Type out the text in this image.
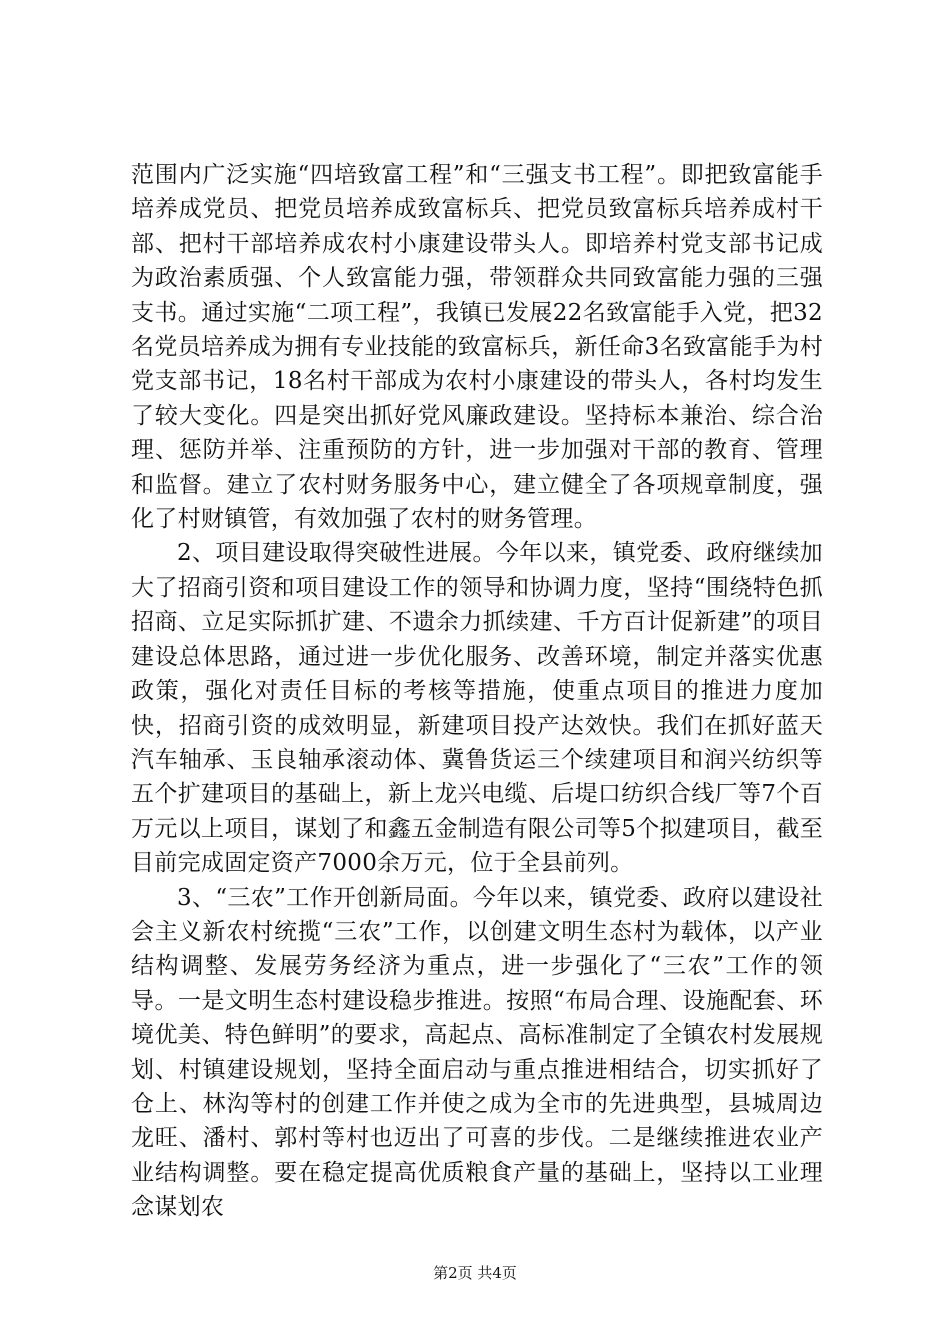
范围内广泛实施“四培致富工程”和“三强支书工程”。即把致富能手培养成党员、把党员培养成致富标兵、把党员致富标兵培养成村干部、把村干部培养成农村小康建设带头人。即培养村党支部书记成为政治素质强、个人致富能力强，带领群众共同致富能力强的三强支书。通过实施“二项工程”，我镇已发展22名致富能手入党，把32名党员培养成为拥有专业技能的致富标兵，新任命3名致富能手为村党支部书记，18名村干部成为农村小康建设的带头人，各村均发生了较大变化。四是突出抓好党风廉政建设。坚持标本兼治、综合治理、惩防并举、注重预防的方针，进一步加强对干部的教育、管理和监督。建立了农村财务服务中心，建立健全了各项规章制度，强化了村财镇管，有效加强了农村的财务管理。

2、项目建设取得突破性进展。今年以来，镇党委、政府继续加大了招商引资和项目建设工作的领导和协调力度，坚持“围绕特色抓招商、立足实际抓扩建、不遗余力抓续建、千方百计促新建”的项目建设总体思路，通过进一步优化服务、改善环境，制定并落实优惠政策，强化对责任目标的考核等措施，使重点项目的推进力度加快，招商引资的成效明显，新建项目投产达效快。我们在抓好蓝天汽车轴承、玉良轴承滚动体、冀鲁货运三个续建项目和润兴纺织等五个扩建项目的基础上，新上龙兴电缆、后堤口纺织合线厂等7个百万元以上项目，谋划了和鑫五金制造有限公司等5个拟建项目，截至目前完成固定资产7000余万元，位于全县前列。

3、“三农”工作开创新局面。今年以来，镇党委、政府以建设社会主义新农村统揽“三农”工作，以创建文明生态村为载体，以产业结构调整、发展劳务经济为重点，进一步强化了“三农”工作的领导。一是文明生态村建设稳步推进。按照“布局合理、设施配套、环境优美、特色鲜明”的要求，高起点、高标准制定了全镇农村发展规划、村镇建设规划，坚持全面启动与重点推进相结合，切实抓好了仓上、林沟等村的创建工作并使之成为全市的先进典型，县城周边龙旺、潘村、郭村等村也迈出了可喜的步伐。二是继续推进农业产业结构调整。要在稳定提高优质粮食产量的基础上，坚持以工业理念谋划农

第2页 共4页
